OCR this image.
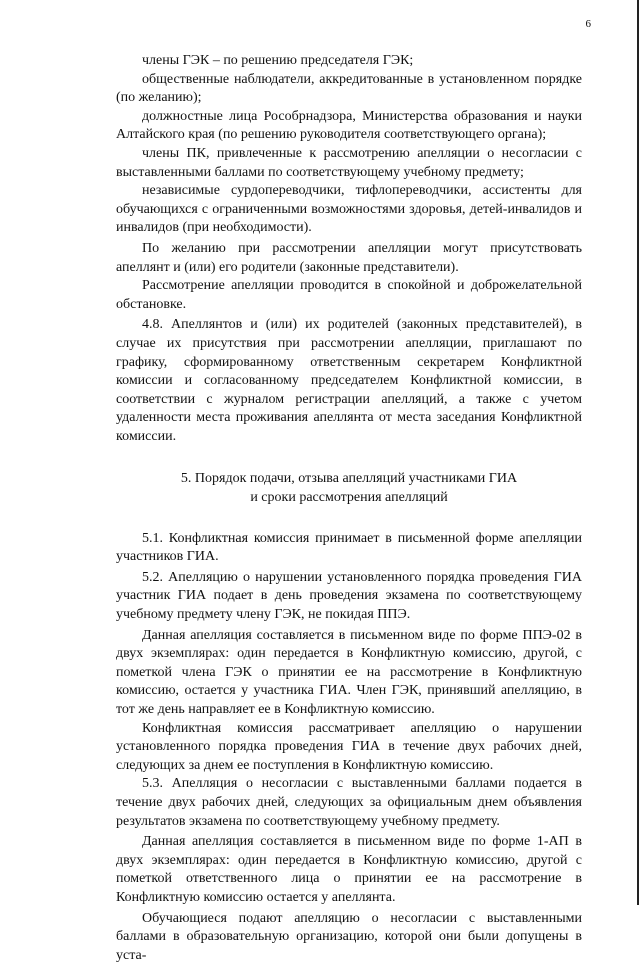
6

члены ГЭК – по решению председателя ГЭК;

общественные наблюдатели, аккредитованные в установленном порядке (по желанию);

должностные лица Рособрнадзора, Министерства образования и науки Алтайского края (по решению руководителя соответствующего органа);

члены ПК, привлеченные к рассмотрению апелляции о несогласии с выставленными баллами по соответствующему учебному предмету;

независимые сурдопереводчики, тифлопереводчики, ассистенты для обучающихся с ограниченными возможностями здоровья, детей-инвалидов и инвалидов (при необходимости).

По желанию при рассмотрении апелляции могут присутствовать апеллянт и (или) его родители (законные представители).

Рассмотрение апелляции проводится в спокойной и доброжелательной обстановке.

4.8. Апеллянтов и (или) их родителей (законных представителей), в случае их присутствия при рассмотрении апелляции, приглашают по графику, сформированному ответственным секретарем Конфликтной комиссии и согласованному председателем Конфликтной комиссии, в соответствии с журналом регистрации апелляций, а также с учетом удаленности места проживания апеллянта от места заседания Конфликтной комиссии.

5. Порядок подачи, отзыва апелляций участниками ГИА
и сроки рассмотрения апелляций

5.1. Конфликтная комиссия принимает в письменной форме апелляции участников ГИА.

5.2. Апелляцию о нарушении установленного порядка проведения ГИА участник ГИА подает в день проведения экзамена по соответствующему учебному предмету члену ГЭК, не покидая ППЭ.

Данная апелляция составляется в письменном виде по форме ППЭ-02 в двух экземплярах: один передается в Конфликтную комиссию, другой, с пометкой члена ГЭК о принятии ее на рассмотрение в Конфликтную комиссию, остается у участника ГИА. Член ГЭК, принявший апелляцию, в тот же день направляет ее в Конфликтную комиссию.

Конфликтная комиссия рассматривает апелляцию о нарушении установленного порядка проведения ГИА в течение двух рабочих дней, следующих за днем ее поступления в Конфликтную комиссию.

5.3. Апелляция о несогласии с выставленными баллами подается в течение двух рабочих дней, следующих за официальным днем объявления результатов экзамена по соответствующему учебному предмету.

Данная апелляция составляется в письменном виде по форме 1-АП в двух экземплярах: один передается в Конфликтную комиссию, другой с пометкой ответственного лица о принятии ее на рассмотрение в Конфликтную комиссию остается у апеллянта.

Обучающиеся подают апелляцию о несогласии с выставленными баллами в образовательную организацию, которой они были допущены в уста-
